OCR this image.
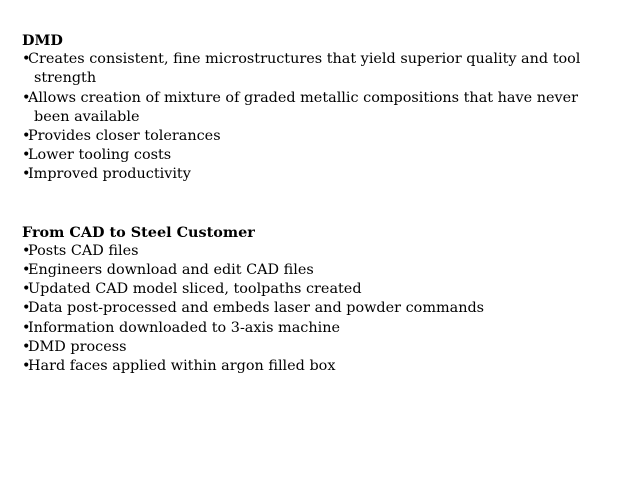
DMD
•
Creates consistent, fine microstructures that yield superior quality and tool
strength
•
Allows creation of mixture of graded metallic compositions that have never
been available
•
Provides closer tolerances
•
Lower tooling costs
•
Improved productivity
From CAD to Steel Customer
•
Posts CAD files
•
Engineers download and edit CAD files
•
Updated CAD model sliced, toolpaths created
•
Data post-processed and embeds laser and powder commands
•
Information downloaded to 3-axis machine
•
DMD process
•
Hard faces applied within argon filled box
